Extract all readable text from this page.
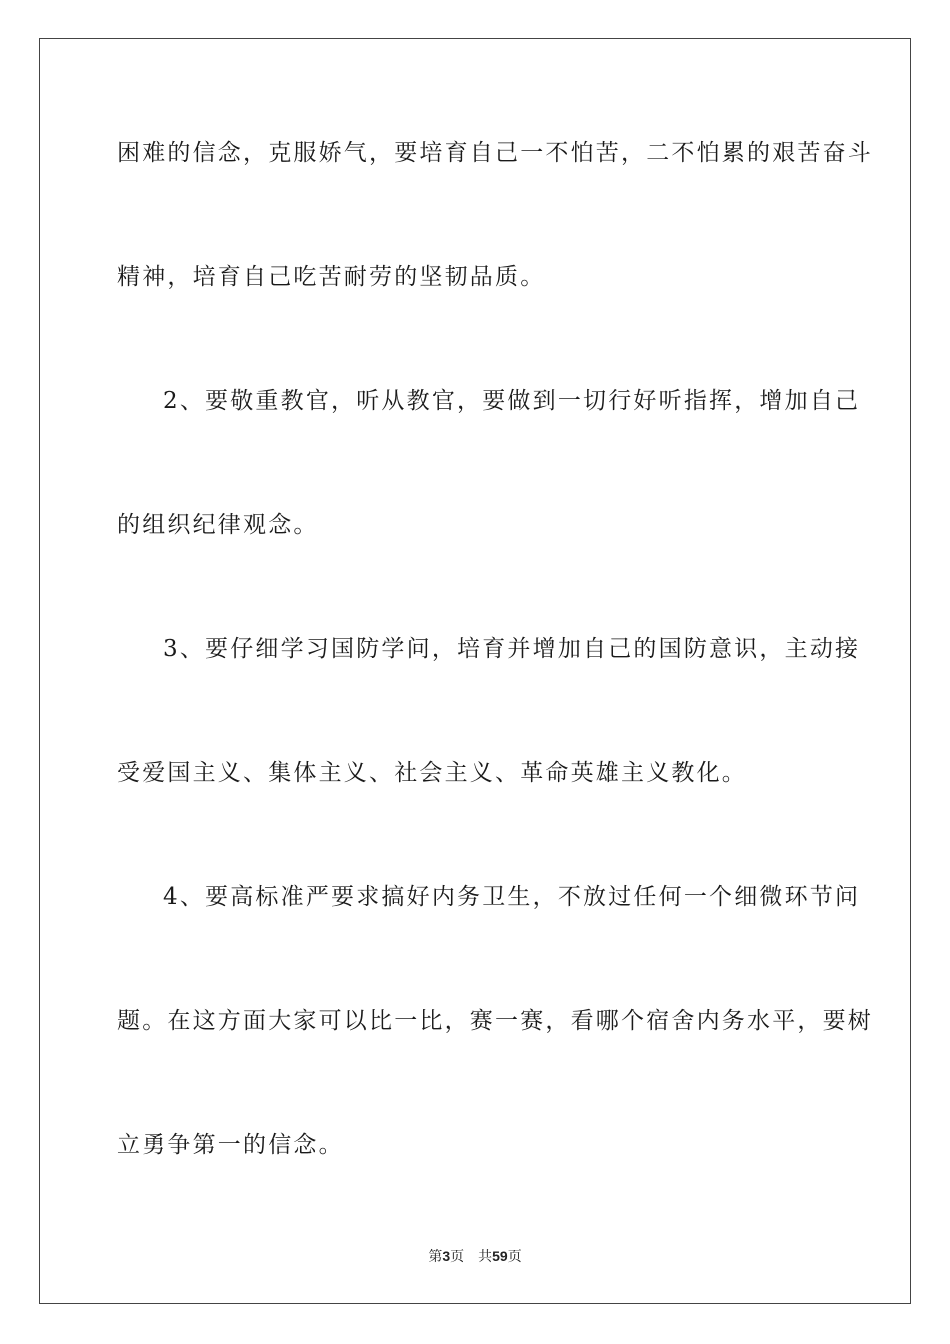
困难的信念，克服娇气，要培育自己一不怕苦，二不怕累的艰苦奋斗
精神，培育自己吃苦耐劳的坚韧品质。
2、要敬重教官，听从教官，要做到一切行好听指挥，增加自己
的组织纪律观念。
3、要仔细学习国防学问，培育并增加自己的国防意识，主动接
受爱国主义、集体主义、社会主义、革命英雄主义教化。
4、要高标准严要求搞好内务卫生，不放过任何一个细微环节问
题。在这方面大家可以比一比，赛一赛，看哪个宿舍内务水平，要树
立勇争第一的信念。
第3页 共59页
